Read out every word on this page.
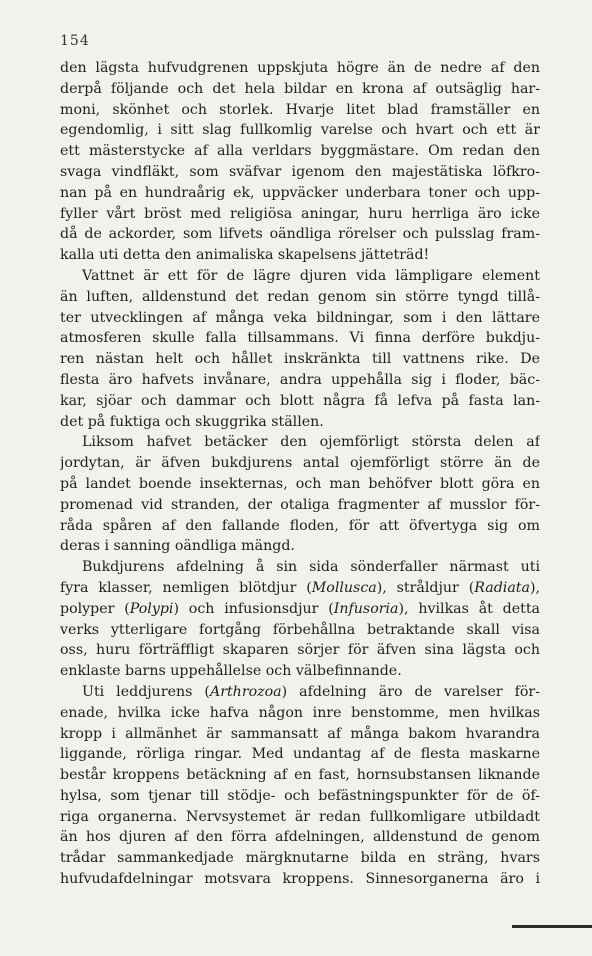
154
den lägsta hufvudgrenen uppskjuta högre än de nedre af den
derpå följande och det hela bildar en krona af outsäglig har-
moni, skönhet och storlek. Hvarje litet blad framställer en
egendomlig, i sitt slag fullkomlig varelse och hvart och ett är
ett mästerstycke af alla verldars byggmästare. Om redan den
svaga vindfläkt, som sväfvar igenom den majestätiska löfkro-
nan på en hundraårig ek, uppväcker underbara toner och upp-
fyller vårt bröst med religiösa aningar, huru herrliga äro icke
då de ackorder, som lifvets oändliga rörelser och pulsslag fram-
kalla uti detta den animaliska skapelsens jätteträd!
Vattnet är ett för de lägre djuren vida lämpligare element
än luften, alldenstund det redan genom sin större tyngd tillå-
ter utvecklingen af många veka bildningar, som i den lättare
atmosferen skulle falla tillsammans. Vi finna derföre bukdju-
ren nästan helt och hållet inskränkta till vattnens rike. De
flesta äro hafvets invånare, andra uppehålla sig i floder, bäc-
kar, sjöar och dammar och blott några få lefva på fasta lan-
det på fuktiga och skuggrika ställen.
Liksom hafvet betäcker den ojemförligt största delen af
jordytan, är äfven bukdjurens antal ojemförligt större än de
på landet boende insekternas, och man behöfver blott göra en
promenad vid stranden, der otaliga fragmenter af musslor för-
råda spåren af den fallande floden, för att öfvertyga sig om
deras i sanning oändliga mängd.
Bukdjurens afdelning å sin sida sönderfaller närmast uti
fyra klasser, nemligen blötdjur (Mollusca), stråldjur (Radiata),
polyper (Polypi) och infusionsdjur (Infusoria), hvilkas åt detta
verks ytterligare fortgång förbehållna betraktande skall visa
oss, huru förträffligt skaparen sörjer för äfven sina lägsta och
enklaste barns uppehållelse och välbefinnande.
Uti leddjurens (Arthrozoa) afdelning äro de varelser för-
enade, hvilka icke hafva någon inre benstomme, men hvilkas
kropp i allmänhet är sammansatt af många bakom hvarandra
liggande, rörliga ringar. Med undantag af de flesta maskarne
består kroppens betäckning af en fast, hornsubstansen liknande
hylsa, som tjenar till stödje- och befästningspunkter för de öf-
riga organerna. Nervsystemet är redan fullkomligare utbildadt
än hos djuren af den förra afdelningen, alldenstund de genom
trådar sammankedjade märgknutarne bilda en sträng, hvars
hufvudafdelningar motsvara kroppens. Sinnesorganerna äro i
